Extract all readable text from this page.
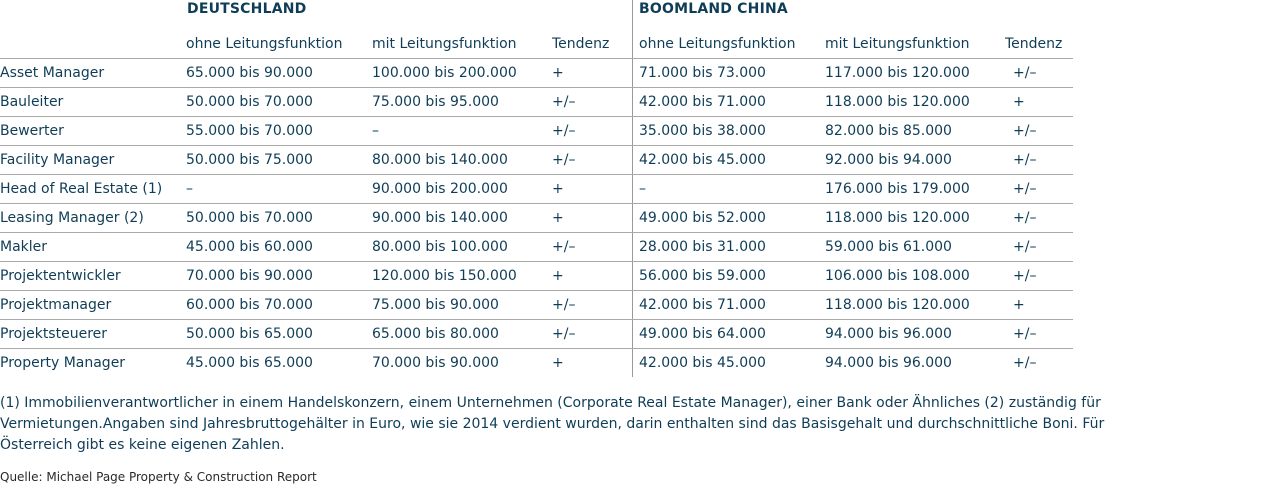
DEUTSCHLAND	BOOMLAND CHINA
	ohne Leitungsfunktion	mit Leitungsfunktion	Tendenz	ohne Leitungsfunktion	mit Leitungsfunktion	Tendenz
Asset Manager	65.000 bis 90.000	100.000 bis 200.000	+	71.000 bis 73.000	117.000 bis 120.000	+/–
Bauleiter	50.000 bis 70.000	75.000 bis 95.000	+/–	42.000 bis 71.000	118.000 bis 120.000	+
Bewerter	55.000 bis 70.000	–	+/–	35.000 bis 38.000	82.000 bis 85.000	+/–
Facility Manager	50.000 bis 75.000	80.000 bis 140.000	+/–	42.000 bis 45.000	92.000 bis 94.000	+/–
Head of Real Estate (1)	–	90.000 bis 200.000	+	–	176.000 bis 179.000	+/–
Leasing Manager (2)	50.000 bis 70.000	90.000 bis 140.000	+	49.000 bis 52.000	118.000 bis 120.000	+/–
Makler	45.000 bis 60.000	80.000 bis 100.000	+/–	28.000 bis 31.000	59.000 bis 61.000	+/–
Projektentwickler	70.000 bis 90.000	120.000 bis 150.000	+	56.000 bis 59.000	106.000 bis 108.000	+/–
Projektmanager	60.000 bis 70.000	75.000 bis 90.000	+/–	42.000 bis 71.000	118.000 bis 120.000	+
Projektsteuerer	50.000 bis 65.000	65.000 bis 80.000	+/–	49.000 bis 64.000	94.000 bis 96.000	+/–
Property Manager	45.000 bis 65.000	70.000 bis 90.000	+	42.000 bis 45.000	94.000 bis 96.000	+/–

(1) Immobilienverantwortlicher in einem Handelskonzern, einem Unternehmen (Corporate Real Estate Manager), einer Bank oder Ähnliches (2) zuständig für Vermietungen.Angaben sind Jahresbruttogehälter in Euro, wie sie 2014 verdient wurden, darin enthalten sind das Basisgehalt und durchschnittliche Boni. Für Österreich gibt es keine eigenen Zahlen.

Quelle: Michael Page Property & Construction Report
